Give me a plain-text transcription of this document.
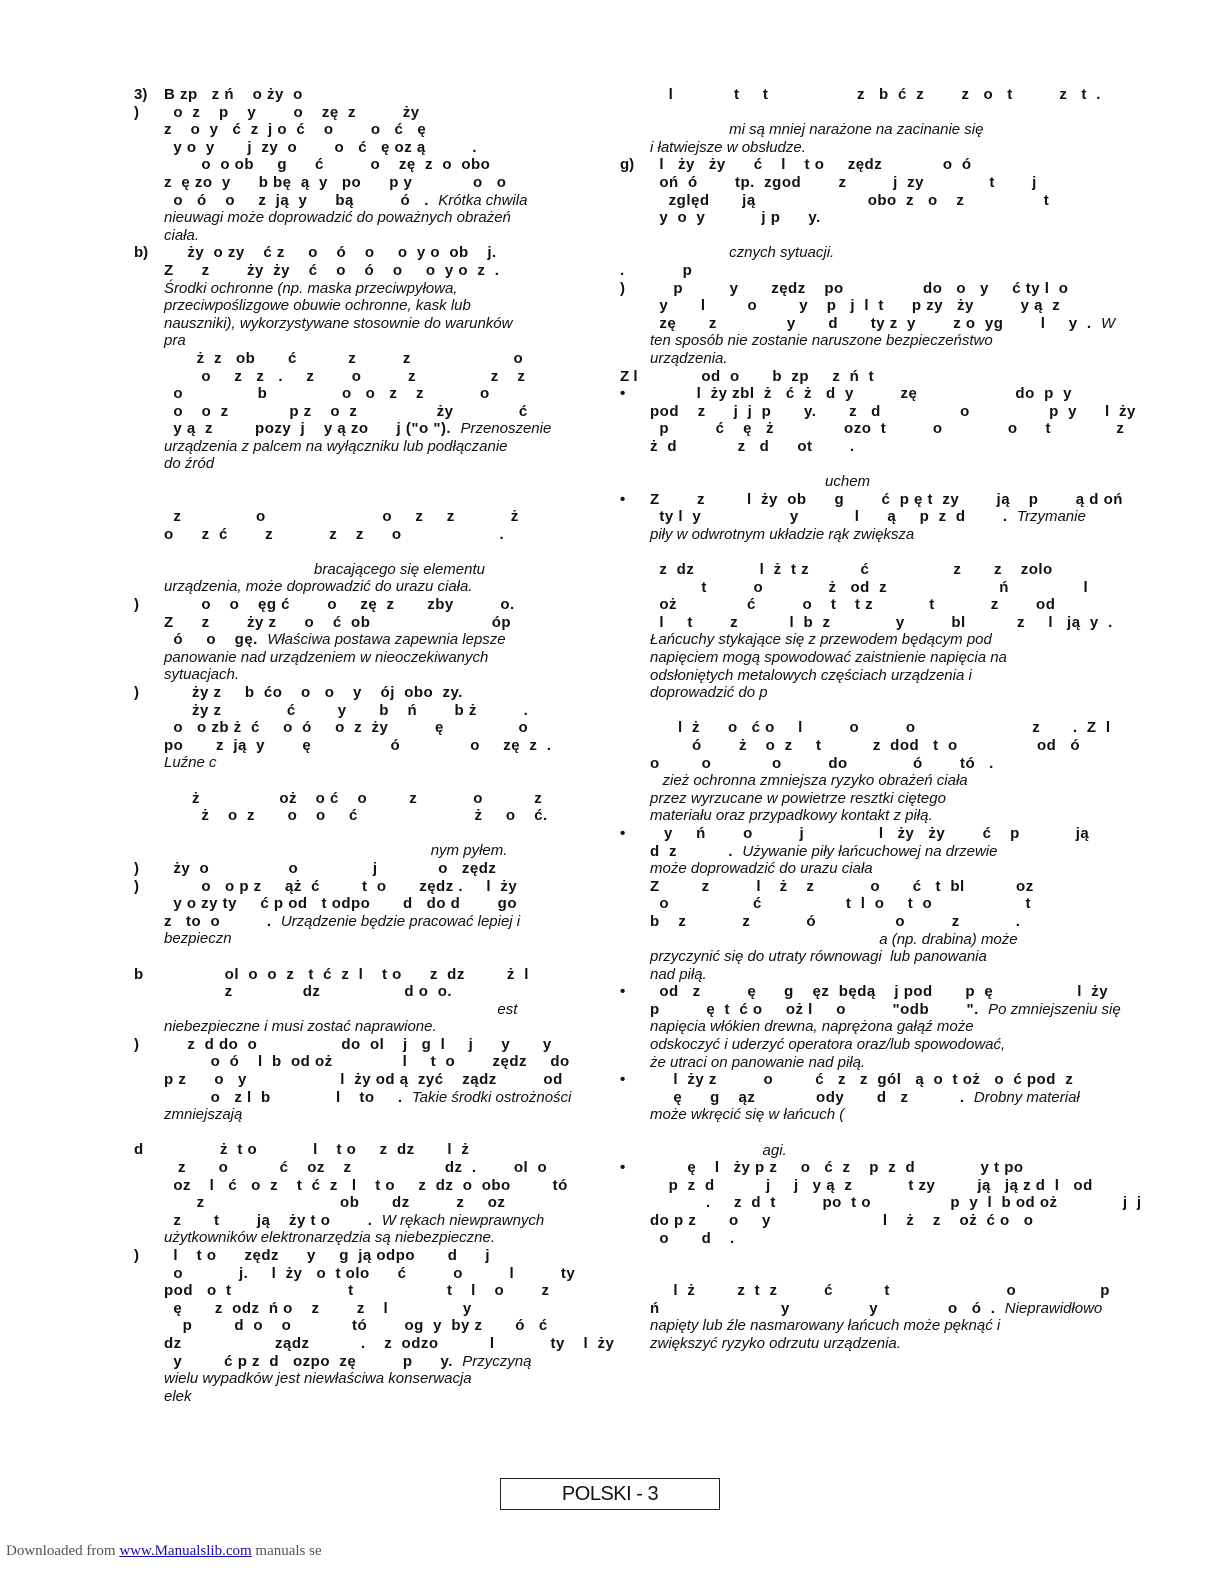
3) B zp   z ń    o ży  o
) o  z    p    y        o    zę  z          ży
z    o  y   ć  z  j o  ć    o        o   ć   ę
y o  y       j  zy  o        o   ć   ę oz ą          .
o  o ob     g      ć          o    zę  z  o  obo
z  ę zo  y      b bę  ą  y   po      p y             o   o
o   ó    o     z  ją  y      bą          ó   .  Krótka chwila
nieuwagi może doprowadzić do poważnych obrażeń
ciała.
b) ży  o zy    ć z     o    ó    o     o  y o  ob    j.
Z      z        ży  ży    ć    o    ó    o     o  y o  z  .
Środki ochronne (np. maska przeciwpyłowa,
przeciwpoślizgowe obuwie ochronne, kask lub
nauszniki), wykorzystywane stosownie do warunków
pra
ż  z   ob       ć           z          z                      o
o     z   z   .     z        o          z                z    z
o                b                o   o   z    z            o
o    o  z             p z    o  z                 ży              ć
y ą  z         pozy  j    y ą zo      j ("o ").  Przenoszenie
urządzenia z palcem na wyłączniku lub podłączanie
do źród
z                o                         o     z     z            ż
o      z  ć        z            z    z      o                     .
bracającego się elementu
urządzenia, może doprowadzić do urazu ciała.
) o    o    ęg ć        o     zę  z       zby          o.
Z      z        ży z      o    ć  ob                          óp
ó     o    gę.  Właściwa postawa zapewnia lepsze
panowanie nad urządzeniem w nieoczekiwanych
sytuacjach.
) ży z     b  ćo    o   o    y    ój  obo  zy.
ży z              ć         y       b    ń        b ż          .
o   o zb ż  ć     o  ó     o  z  ży          ę                o
po       z  ją  y        ę                 ó               o     zę  z  .
Luźne c
ż                 oż    o ć    o         z            o           z
ż    o  z       o    o     ć                         ż     o    ć.
nym pyłem.
) ży  o                 o                j             o   zędz
) o   o p z     ąż  ć         t  o       zędz .     l  ży
y o zy ty     ć p od   t odpo       d   do d        go
z   to  o          .  Urządzenie będzie pracować lepiej i
bezpieczn
b ol  o  o  z   t  ć  z  l    t o      z  dz         ż  l
z               dz                  d o  o.
est
niebezpieczne i musi zostać naprawione.
) z  d do  o                  do  ol    j   g  l     j      y       y
o  ó    l  b  od oż               l     t  o        zędz     do
p z      o   y                    l  ży od ą  zyć    ządz          od
o   z l  b              l    to     .  Takie środki ostrożności
zmniejszają
d ż  t o            l    t o     z  dz       l  ż
z       o           ć    oz    z                    dz  .        ol  o
oz    l   ć   o  z    t  ć  z   l    t o     z  dz  o  obo         tó
z                             ob       dz          z     oz
z       t        ją    ży t o        .  W rękach niewprawnych
użytkowników elektronarzędzia są niebezpieczne.
) l    t o      zędz      y     g  ją odpo       d      j
o            j.     l  ży   o  t olo      ć          o          l          ty
pod   o  t                         t                    t    l    o        z
ę       z  odz  ń o    z        z    l                y
p         d  o    o             tó        og  y  by z       ó   ć
dz                    ządz           .    z  odzo           l            ty    l  ży
y         ć p z  d   ozpo  zę          p      y.  Przyczyną
wielu wypadków jest niewłaściwa konserwacja
elek
l             t     t                   z   b  ć  z        z   o   t          z   t  .
mi są mniej narażone na zacinanie się
i łatwiejsze w obsłudze.
g) l   ży   ży      ć    l    t o     zędz             o  ó
oń  ó        tp.  zgod        z          j  zy              t        j
zględ       ją                        obo  z   o    z                 t
y  o  y            j p      y.
cznych sytuacji.
. p
) p          y       zędz    po                 do   o   y     ć ty l  o
y       l         o         y    p   j  l  t      p zy   ży          y ą  z
zę       z               y       d       ty z  y        z o  yg        l     y  .  W
ten sposób nie zostanie naruszone bezpieczeństwo
urządzenia.
Z l od  o       b  zp     z  ń  t
• l  ży zbl  ż   ć  ż   d  y          zę                     do  p  y
pod    z      j  j  p       y.       z   d                 o                 p  y      l  ży
p          ć    ę   ż               ozo  t          o              o      t              z
ż  d             z   d      ot        .
uchem
• Z        z         l  ży  ob      g        ć  p ę t  zy        ją    p        ą d oń
ty l  y                   y            l      ą     p  z  d        .  Trzymanie
piły w odwrotnym układzie rąk zwiększa
z  dz              l  ż  t z           ć                  z       z    zolo
t          o              ż   od  z                        ń                l
oż               ć          o    t    t z            t            z        od
l     t        z           l  b  z              y          bl           z     l   ją  y  .
Łańcuchy stykające się z przewodem będącym pod
napięciem mogą spowodować zaistnienie napięcia na
odsłoniętych metalowych częściach urządzenia i
doprowadzić do p
l  ż      o   ć o     l          o          o                         z       .  Z  l
ó        ż    o  z     t           z  dod   t  o                 od   ó
o         o             o          do              ó        tó   .
zież ochronna zmniejsza ryzyko obrażeń ciała
przez wyrzucane w powietrze resztki ciętego
materiału oraz przypadkowy kontakt z piłą.
• y     ń        o          j                l   ży   ży        ć    p            ją
d  z           .  Używanie piły łańcuchowej na drzewie
może doprowadzić do urazu ciała
Z         z          l    ż    z            o       ć   t  bl           oz
o                  ć                  t  l  o     t  o                    t
b    z            z            ó                 o          z            .
a (np. drabina) może
przyczynić się do utraty równowagi  lub panowania
nad piłą.
• od   z          ę      g    ęz  będą    j pod       p  ę                  l  ży
p          ę  t  ć o     oż l     o          "odb        ".  Po zmniejszeniu się
napięcia włókien drewna, naprężona gałąź może
odskoczyć i uderzyć operatora oraz/lub spowodować,
że utraci on panowanie nad piłą.
• l  ży z          o         ć   z   z  gól   ą  o  t oż   o  ć pod  z
ę      g    ąz             ody       d   z           .  Drobny materiał
może wkręcić się w łańcuch (
agi.
• ę    l   ży p z     o   ć  z    p  z  d              y t po
p  z  d           j     j   y ą  z            t zy         ją   ją z d  l   od
.     z  d  t          po  t o                 p  y  l  b od oż              j  j
do p z       o     y                        l    ż    z    oż  ć o   o
o       d    .
l  ż         z  t  z          ć           t                         o                  p
ń                          y                 y               o   ó  .  Nieprawidłowo
napięty lub źle nasmarowany łańcuch może pęknąć i
zwiększyć ryzyko odrzutu urządzenia.
POLSKI - 3
Downloaded from www.Manualslib.com manuals se
